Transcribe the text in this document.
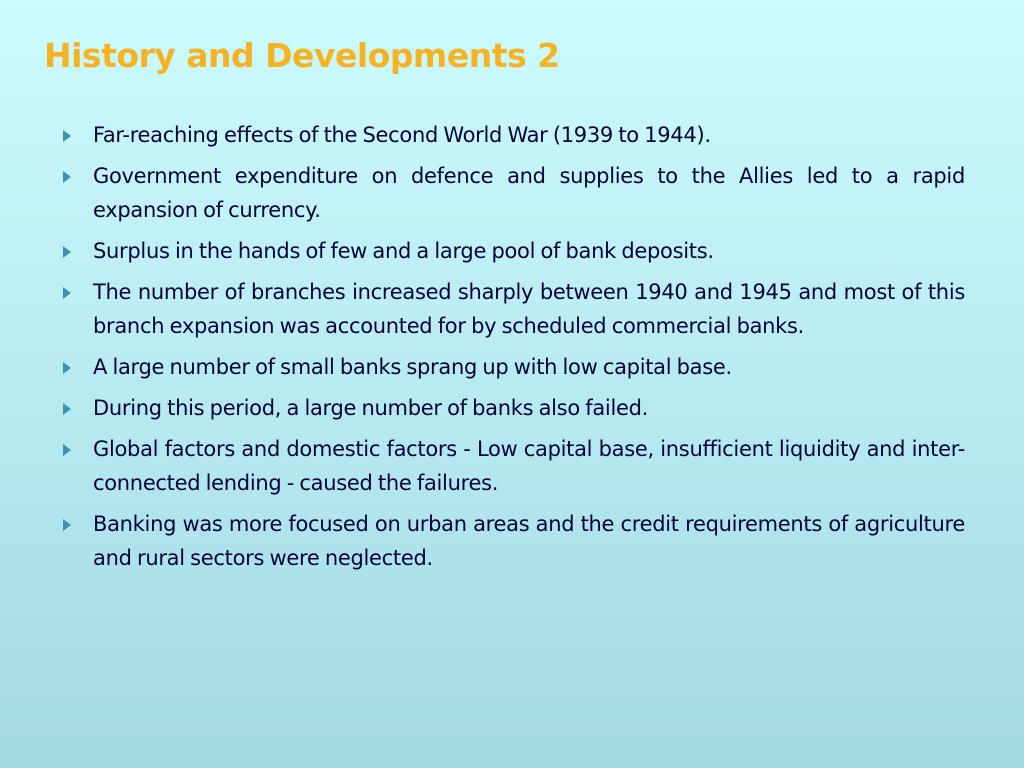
History and Developments 2
Far-reaching effects of the Second World War (1939 to 1944).
Government expenditure on defence and supplies to the Allies led to a rapid expansion of currency.
Surplus in the hands of few and a large pool of bank deposits.
The number of branches increased sharply between 1940 and 1945 and most of this branch expansion was accounted for by scheduled commercial banks.
A large number of small banks sprang up with low capital base.
During this period, a large number of banks also failed.
Global factors and domestic factors - Low capital base, insufficient liquidity and inter-connected lending - caused the failures.
Banking was more focused on urban areas and the credit requirements of agriculture and rural sectors were neglected.
